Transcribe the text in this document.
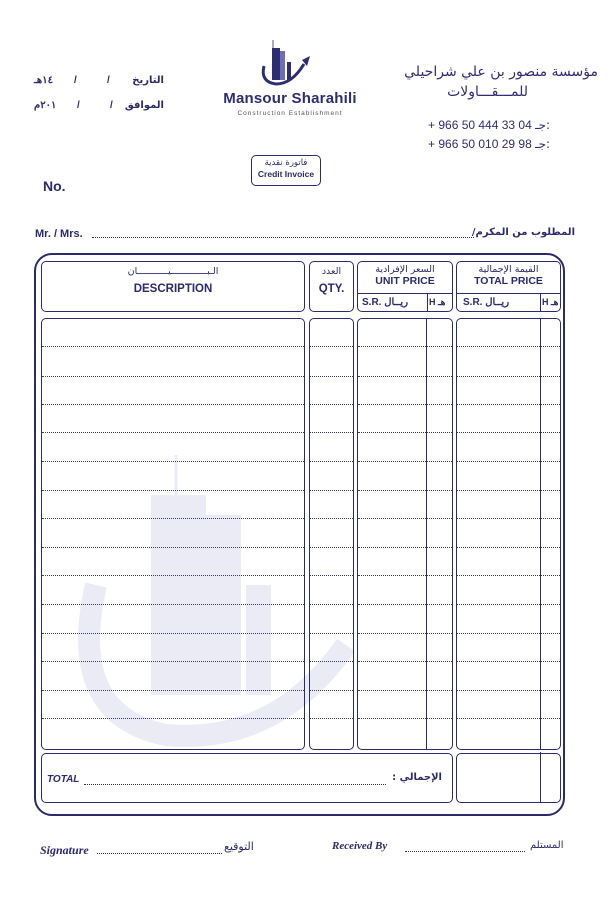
١٤هـ /	/ التاريخ
٢٠١م /	/ الموافق	Mansour Sharahili
Construction Establishment
مؤسسة منصور بن علي شراحيلي
للمـــقـــاولات
+ 966 50 444 33 04 :جـ
+ 966 50 010 29 98 :جـ
فاتورة نقدية
Credit Invoice
No.
Mr. / Mrs.	المطلوب من المكرم/
الـبـــــــــــــيـــــــــــان
DESCRIPTION
العدد
QTY.
السعر الإفرادية
UNIT PRICE
S.R. ريــال H هـ
القيمة الإجمالية
TOTAL PRICE
S.R. ريــال	H هـ
TOTAL	الإجمالي :
Signature	التوقيع	Received By	المستلم
